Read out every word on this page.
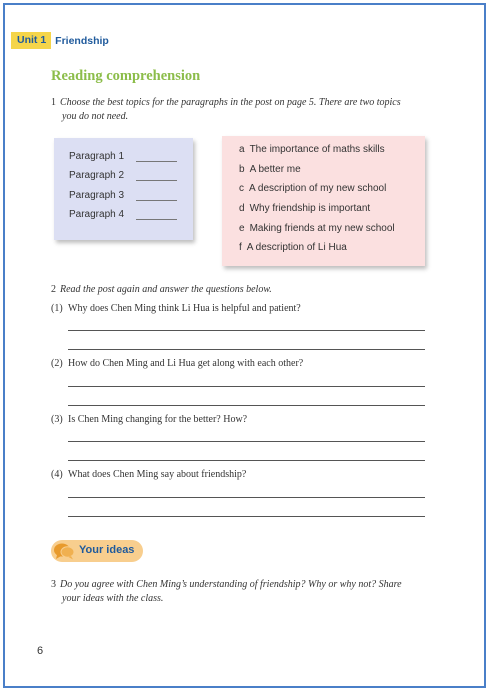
Unit 1 Friendship
Reading comprehension
1 Choose the best topics for the paragraphs in the post on page 5. There are two topics
you do not need.
Paragraph 1
Paragraph 2
Paragraph 3
Paragraph 4
a The importance of maths skills
b A better me
c A description of my new school
d Why friendship is important
e Making friends at my new school
f A description of Li Hua
2 Read the post again and answer the questions below.
(1) Why does Chen Ming think Li Hua is helpful and patient?
(2) How do Chen Ming and Li Hua get along with each other?
(3) Is Chen Ming changing for the better? How?
(4) What does Chen Ming say about friendship?
Your ideas
3 Do you agree with Chen Ming’s understanding of friendship? Why or why not? Share
your ideas with the class.
6
